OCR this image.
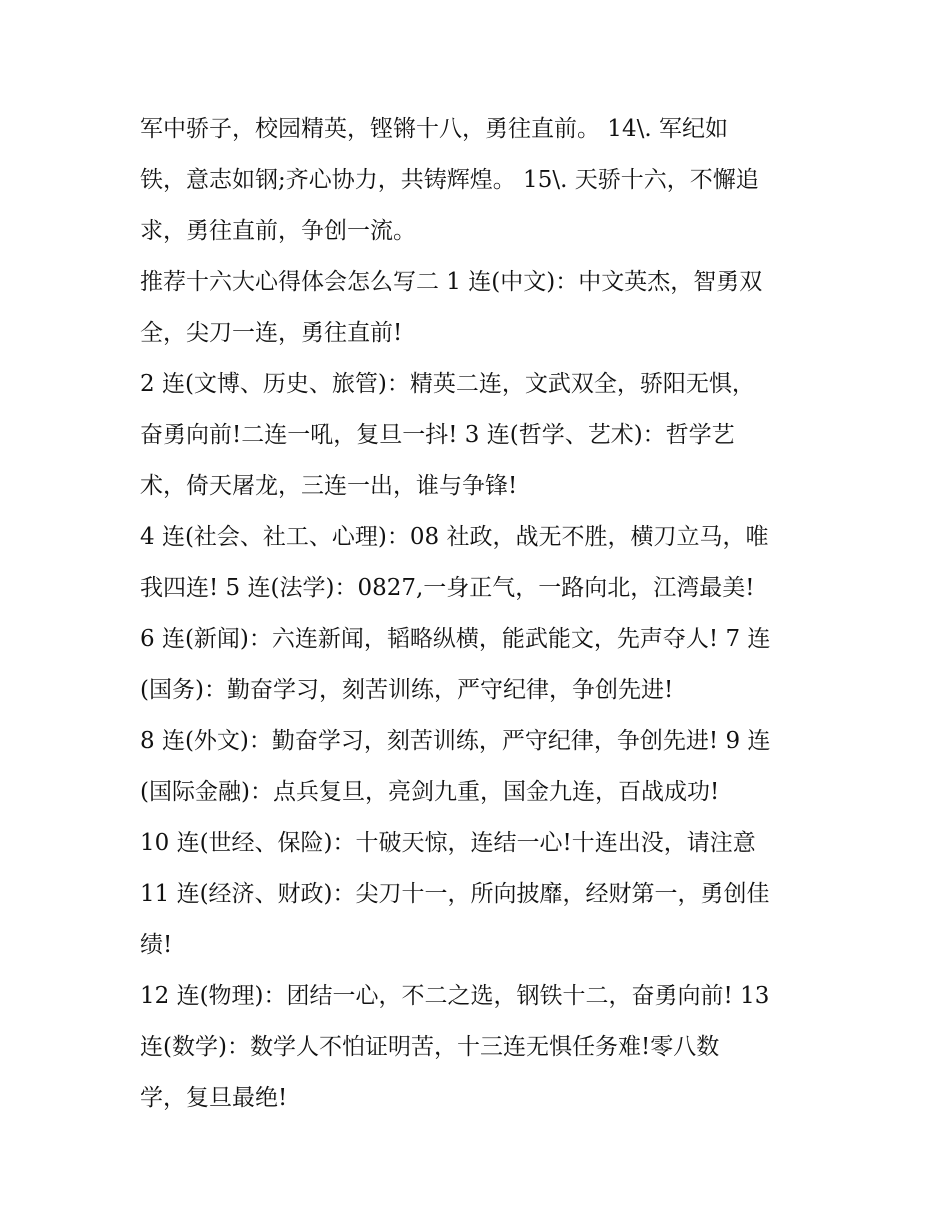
军中骄子，校园精英，铿锵十八，勇往直前。 14\. 军纪如
铁，意志如钢;齐心协力，共铸辉煌。 15\. 天骄十六，不懈追
求，勇往直前，争创一流。
推荐十六大心得体会怎么写二 1 连(中文)：中文英杰，智勇双
全，尖刀一连，勇往直前!
2 连(文博、历史、旅管)：精英二连，文武双全，骄阳无惧，
奋勇向前!二连一吼，复旦一抖! 3 连(哲学、艺术)：哲学艺
术，倚天屠龙，三连一出，谁与争锋!
4 连(社会、社工、心理)：08 社政，战无不胜，横刀立马，唯
我四连! 5 连(法学)：0827,一身正气，一路向北，江湾最美!
6 连(新闻)：六连新闻，韬略纵横，能武能文，先声夺人! 7 连
(国务)：勤奋学习，刻苦训练，严守纪律，争创先进!
8 连(外文)：勤奋学习，刻苦训练，严守纪律，争创先进! 9 连
(国际金融)：点兵复旦，亮剑九重，国金九连，百战成功!
10 连(世经、保险)：十破天惊，连结一心!十连出没，请注意
11 连(经济、财政)：尖刀十一，所向披靡，经财第一，勇创佳
绩!
12 连(物理)：团结一心，不二之选，钢铁十二，奋勇向前! 13
连(数学)：数学人不怕证明苦，十三连无惧任务难!零八数
学，复旦最绝!
